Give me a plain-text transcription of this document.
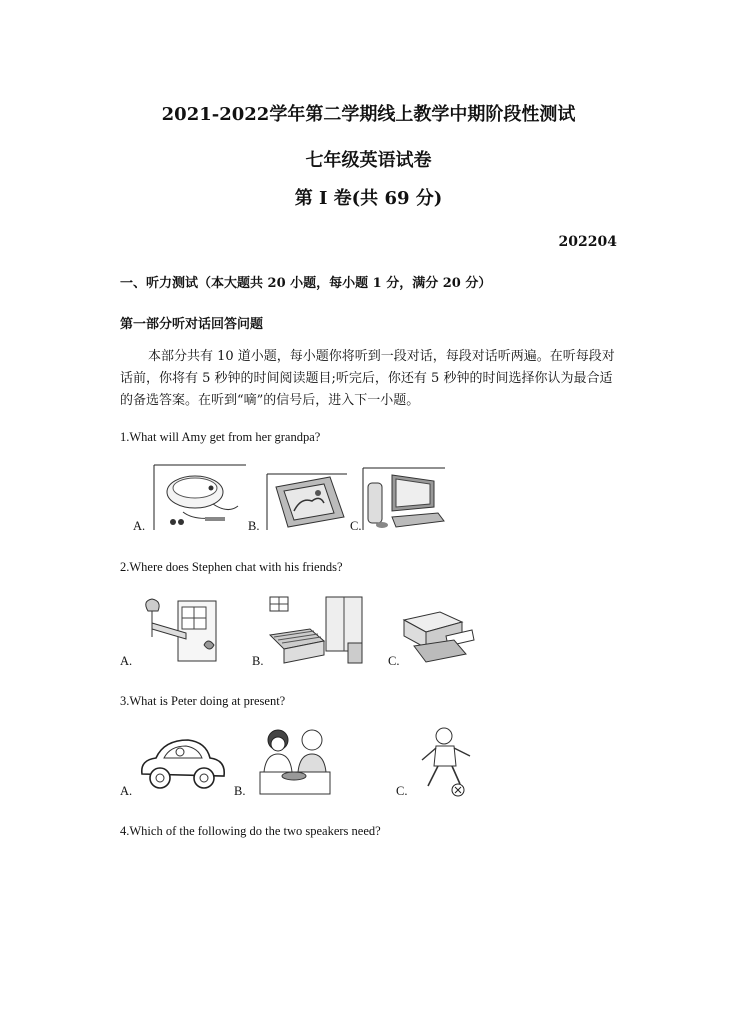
2021-2022学年第二学期线上教学中期阶段性测试
七年级英语试卷
第 I 卷(共 69 分)
202204
一、听力测试（本大题共 20 小题，每小题 1 分，满分 20 分）
第一部分听对话回答问题
本部分共有 10 道小题，每小题你将听到一段对话，每段对话听两遍。在听每段对话前，你将有 5 秒钟的时间阅读题目;听完后，你还有 5 秒钟的时间选择你认为最合适的备选答案。在听到“嘀”的信号后，进入下一小题。
1.What will Amy get from her grandpa?
A.	B.	C.
2.Where does Stephen chat with his friends?
A.	B.	C.
3.What is Peter doing at present?
A.	B.	C.
4.Which of the following do the two speakers need?
